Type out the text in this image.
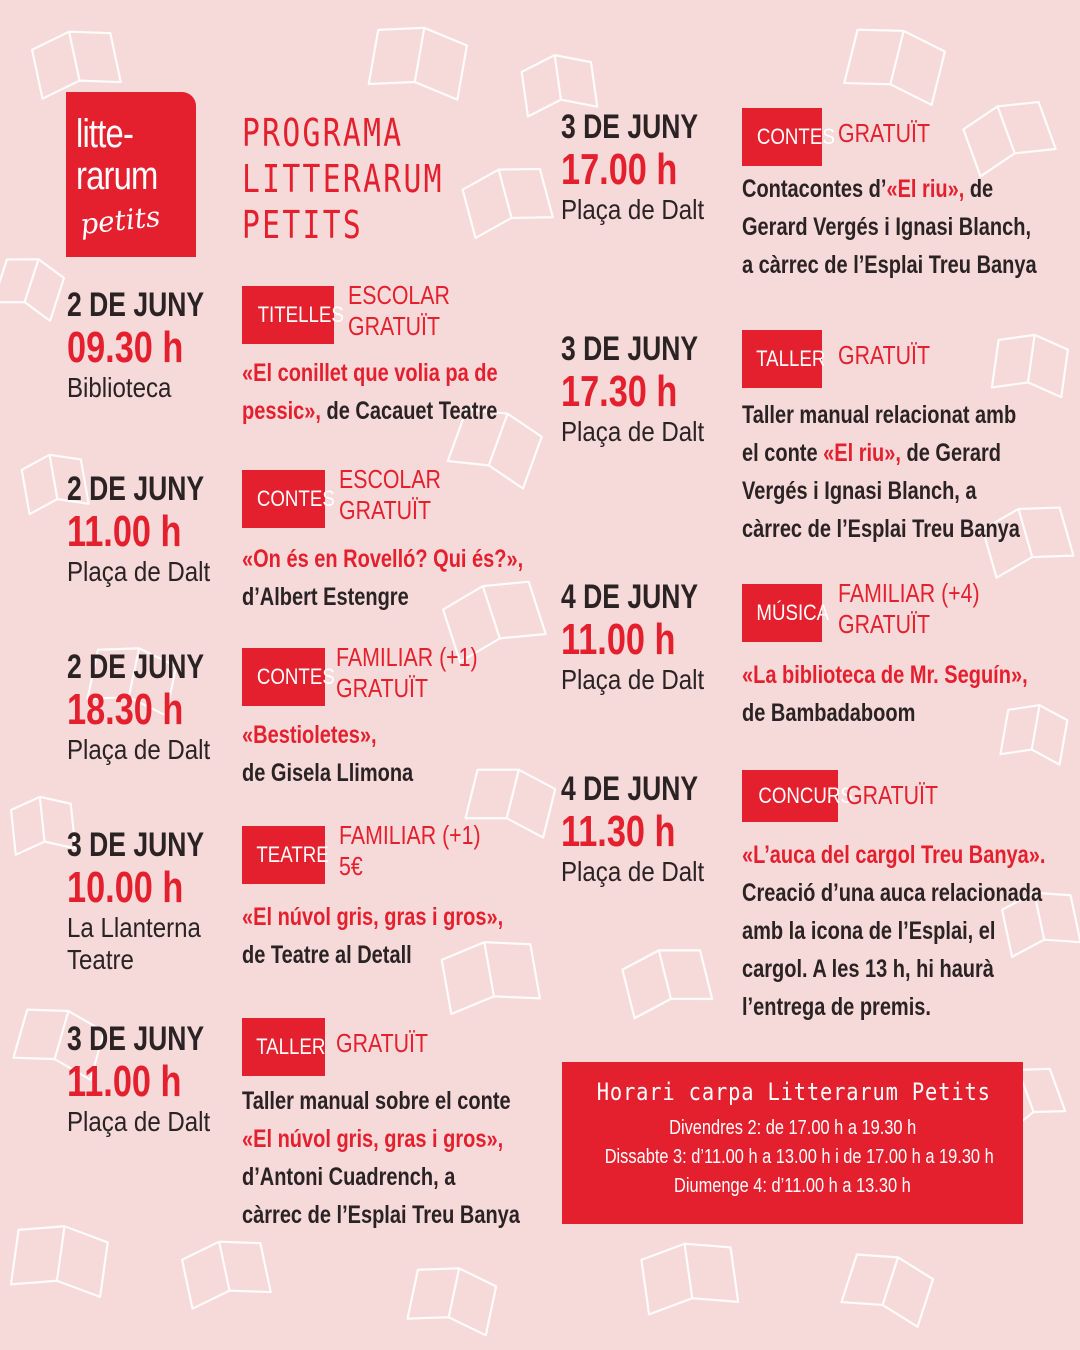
litte-
rarum
petits
PROGRAMA
LITTERARUM
PETITS
2 DE JUNY
09.30 h
Biblioteca
TITELLES
ESCOLAR
GRATUÏT
«El conillet que volia pa de
pessic», de Cacauet Teatre
2 DE JUNY
11.00 h
Plaça de Dalt
CONTES
ESCOLAR
GRATUÏT
«On és en Rovelló? Qui és?»,
d’Albert Estengre
2 DE JUNY
18.30 h
Plaça de Dalt
CONTES
FAMILIAR (+1)
GRATUÏT
«Bestioletes»,
de Gisela Llimona
3 DE JUNY
10.00 h
La Llanterna
Teatre
TEATRE
FAMILIAR (+1)
5€
«El núvol gris, gras i gros»,
de Teatre al Detall
3 DE JUNY
11.00 h
Plaça de Dalt
TALLER GRATUÏT
Taller manual sobre el conte
«El núvol gris, gras i gros»,
d’Antoni Cuadrench, a
càrrec de l’Esplai Treu Banya
3 DE JUNY
17.00 h
Plaça de Dalt
CONTES GRATUÏT
Contacontes d’«El riu», de
Gerard Vergés i Ignasi Blanch,
a càrrec de l’Esplai Treu Banya
3 DE JUNY
17.30 h
Plaça de Dalt
TALLER GRATUÏT
Taller manual relacionat amb
el conte «El riu», de Gerard
Vergés i Ignasi Blanch, a
càrrec de l’Esplai Treu Banya
4 DE JUNY
11.00 h
Plaça de Dalt
MÚSICA
FAMILIAR (+4)
GRATUÏT
«La biblioteca de Mr. Seguín»,
de Bambadaboom
4 DE JUNY
11.30 h
Plaça de Dalt
CONCURS
GRATUÏT
«L’auca del cargol Treu Banya».
Creació d’una auca relacionada
amb la icona de l’Esplai, el
cargol. A les 13 h, hi haurà
l’entrega de premis.
Horari carpa Litterarum Petits
Divendres 2: de 17.00 h a 19.30 h
Dissabte 3: d’11.00 h a 13.00 h i de 17.00 h a 19.30 h
Diumenge 4: d’11.00 h a 13.30 h
